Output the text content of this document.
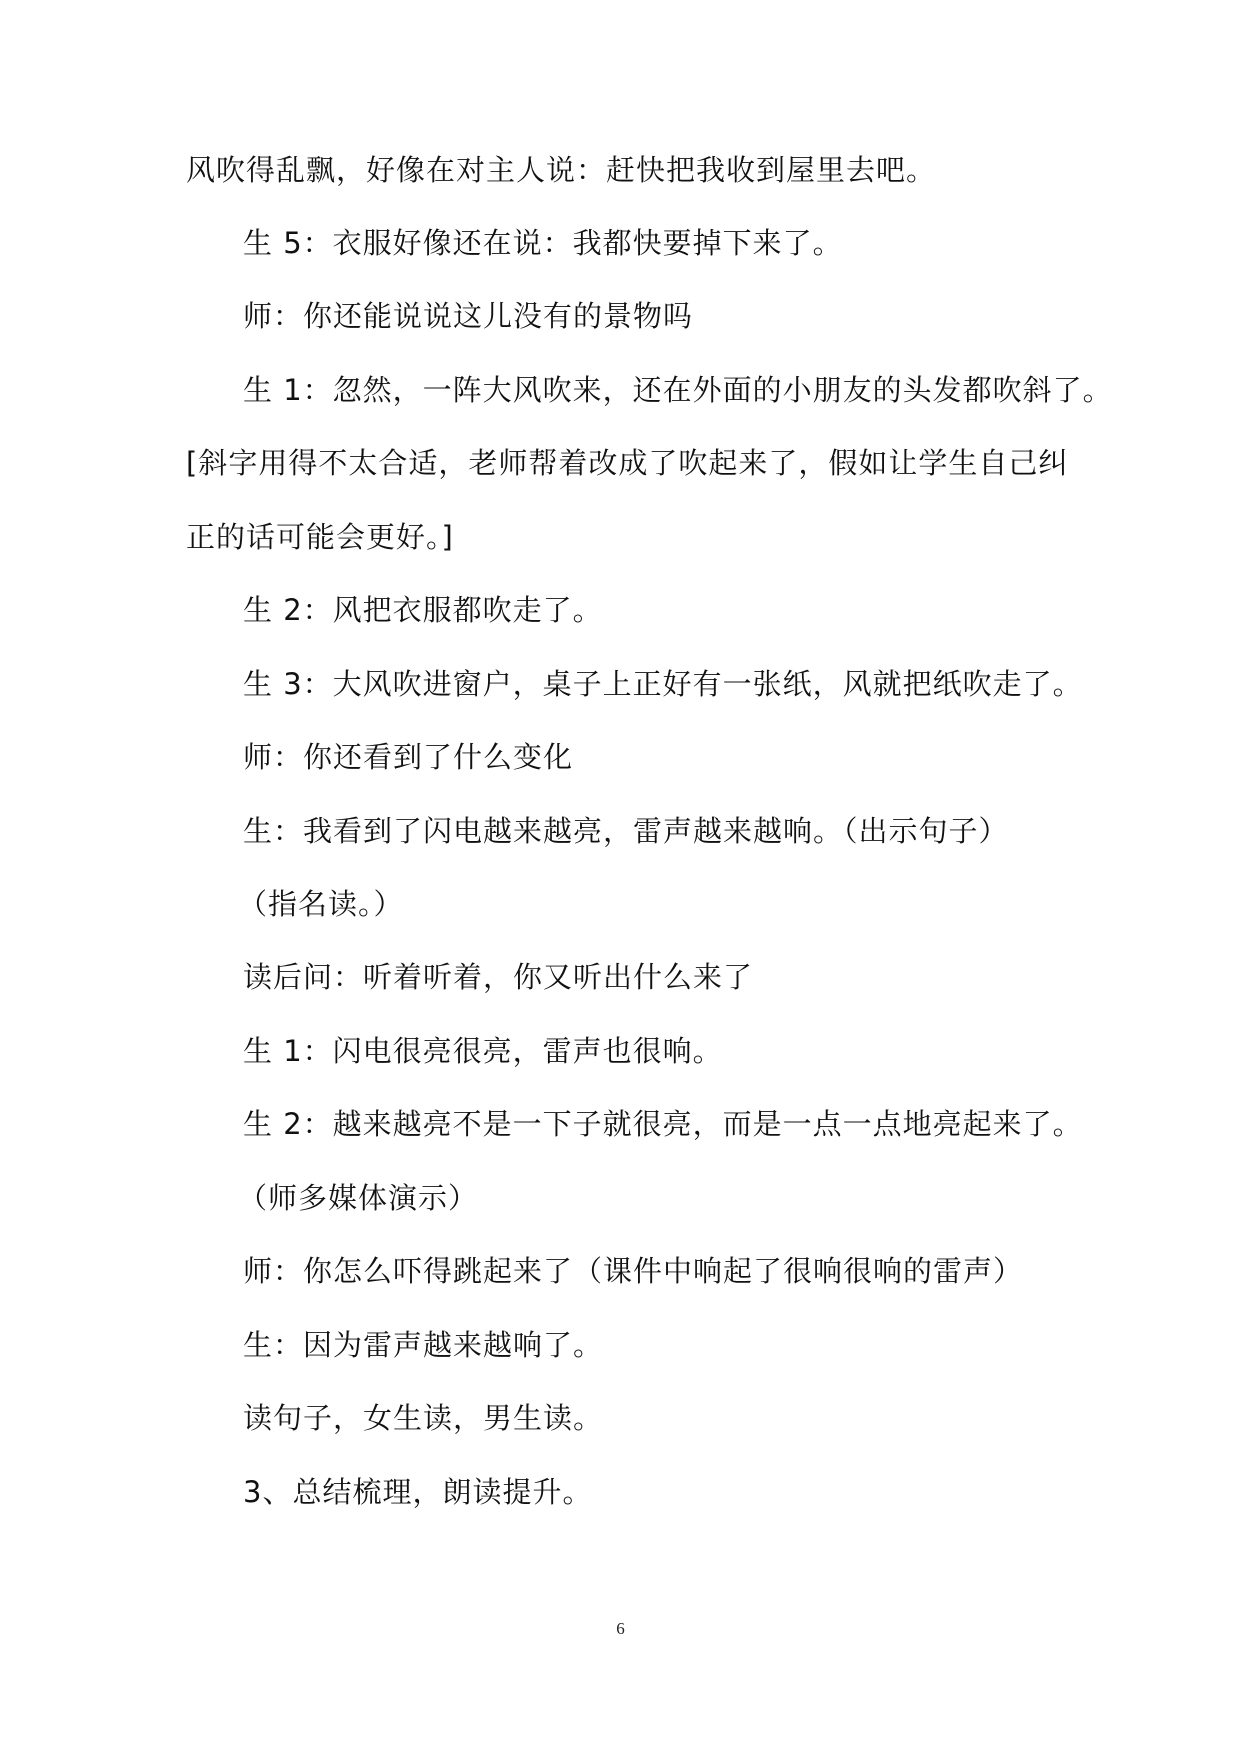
风吹得乱飘，好像在对主人说：赶快把我收到屋里去吧。
生 5：衣服好像还在说：我都快要掉下来了。
师：你还能说说这儿没有的景物吗
生 1：忽然，一阵大风吹来，还在外面的小朋友的头发都吹斜了。
[斜字用得不太合适，老师帮着改成了吹起来了，假如让学生自己纠
正的话可能会更好。]
生 2：风把衣服都吹走了。
生 3：大风吹进窗户，桌子上正好有一张纸，风就把纸吹走了。
师：你还看到了什么变化
生：我看到了闪电越来越亮，雷声越来越响。（出示句子）
（指名读。）
读后问：听着听着，你又听出什么来了
生 1：闪电很亮很亮，雷声也很响。
生 2：越来越亮不是一下子就很亮，而是一点一点地亮起来了。
（师多媒体演示）
师：你怎么吓得跳起来了（课件中响起了很响很响的雷声）
生：因为雷声越来越响了。
读句子，女生读，男生读。
3、总结梳理，朗读提升。
6
